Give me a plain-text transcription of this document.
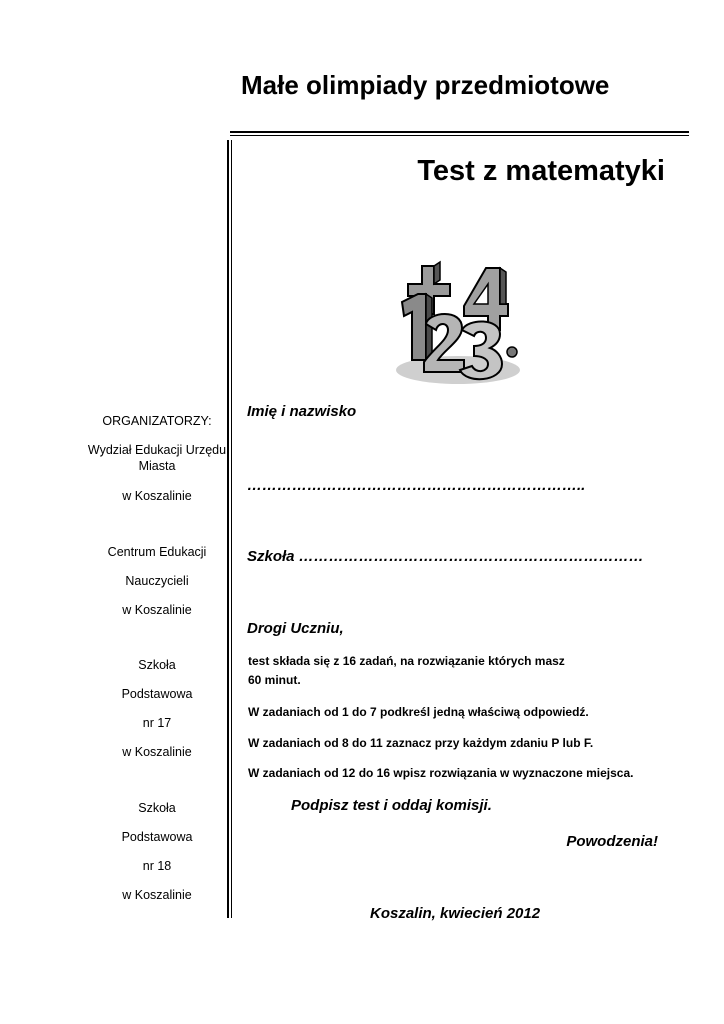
Małe olimpiady przedmiotowe
Test z matematyki
ORGANIZATORZY:
Wydział Edukacji Urzędu Miasta
w Koszalinie
Centrum Edukacji
Nauczycieli
w Koszalinie
Szkoła
Podstawowa
nr 17
w Koszalinie
Szkoła
Podstawowa
nr 18
w Koszalinie
Imię i nazwisko
…………………………………………………………..
Szkoła ……………………………………………………………
Drogi Uczniu,
test składa się z 16 zadań, na rozwiązanie których masz
60 minut.
W zadaniach od 1 do 7 podkreśl jedną właściwą odpowiedź.
W zadaniach od 8 do 11 zaznacz przy każdym zdaniu P lub F.
W zadaniach od 12 do 16 wpisz rozwiązania w wyznaczone miejsca.
Podpisz test i oddaj komisji.
Powodzenia!
Koszalin, kwiecień 2012
